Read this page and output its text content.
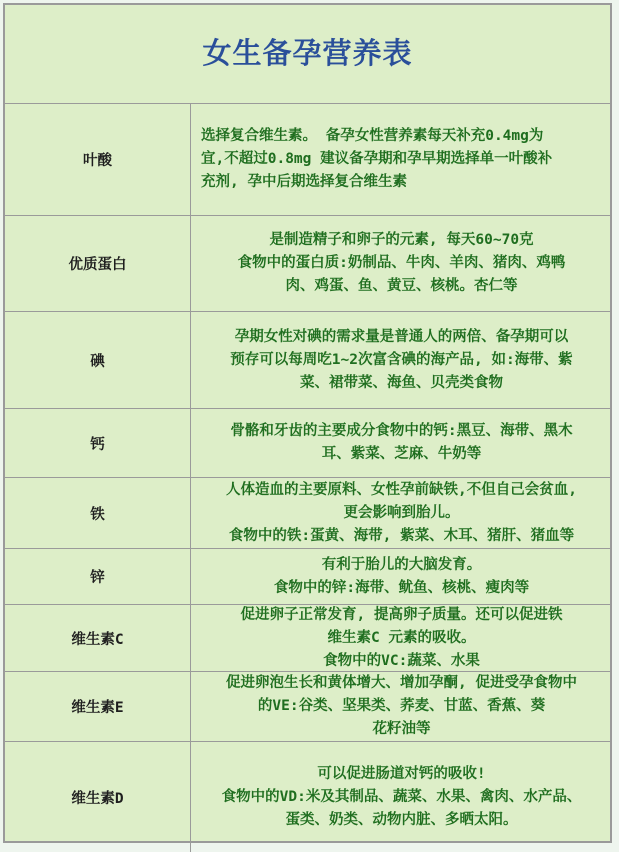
女生备孕营养表
叶酸
选择复合维生素。 备孕女性营养素每天补充0.4mg为
宜,不超过0.8mg 建议备孕期和孕早期选择单一叶酸补
充剂, 孕中后期选择复合维生素
优质蛋白
是制造精子和卵子的元素, 每天60~70克
食物中的蛋白质:奶制品、牛肉、羊肉、猪肉、鸡鸭
肉、鸡蛋、鱼、黄豆、核桃。杏仁等
碘
孕期女性对碘的需求量是普通人的两倍、备孕期可以
预存可以每周吃1~2次富含碘的海产品, 如:海带、紫
菜、裙带菜、海鱼、贝壳类食物
钙
骨骼和牙齿的主要成分食物中的钙:黑豆、海带、黑木
耳、紫菜、芝麻、牛奶等
铁
人体造血的主要原料、女性孕前缺铁,不但自己会贫血,
更会影响到胎儿。
食物中的铁:蛋黄、海带, 紫菜、木耳、猪肝、猪血等
锌
有利于胎儿的大脑发育。
食物中的锌:海带、鱿鱼、核桃、瘦肉等
维生素C
促进卵子正常发育, 提高卵子质量。还可以促进铁
维生素C 元素的吸收。
食物中的VC:蔬菜、水果
维生素E
促进卵泡生长和黄体增大、增加孕酮, 促进受孕食物中
的VE:谷类、坚果类、荞麦、甘蓝、香蕉、葵
花籽油等
维生素D
可以促进肠道对钙的吸收!
食物中的VD:米及其制品、蔬菜、水果、禽肉、水产品、
蛋类、奶类、动物内脏、多晒太阳。
